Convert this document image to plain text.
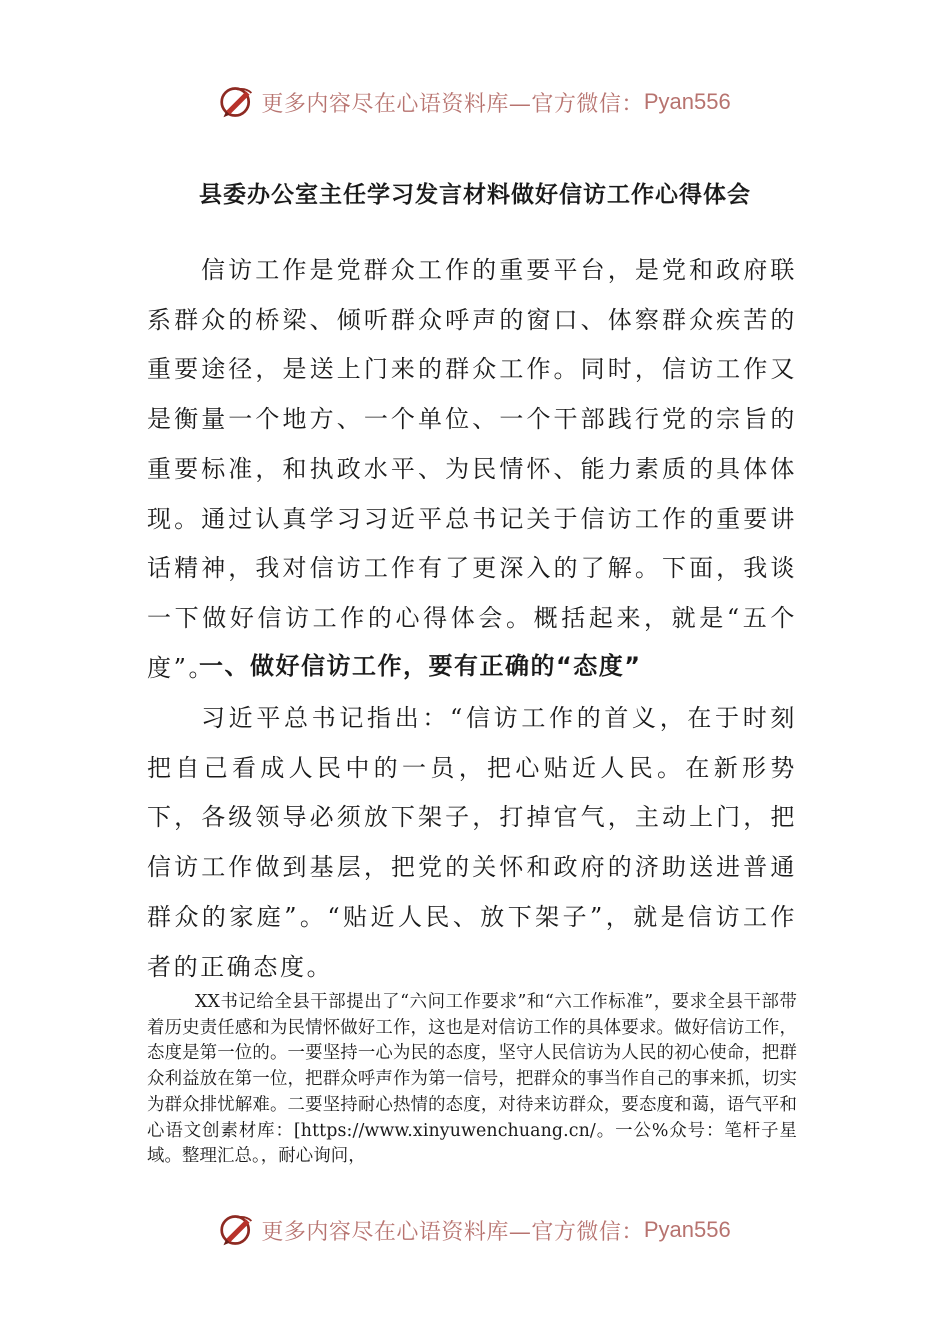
更多内容尽在心语资料库—官方微信： Pyan556
县委办公室主任学习发言材料做好信访工作心得体会

信访工作是党群众工作的重要平台，是党和政府联系群众的桥梁、倾听群众呼声的窗口、体察群众疾苦的重要途径，是送上门来的群众工作。同时，信访工作又是衡量一个地方、一个单位、一个干部践行党的宗旨的重要标准，和执政水平、为民情怀、能力素质的具体体现。通过认真学习习近平总书记关于信访工作的重要讲话精神，我对信访工作有了更深入的了解。下面，我谈一下做好信访工作的心得体会。概括起来，就是“五个度”。

一、做好信访工作，要有正确的“态度”

习近平总书记指出：“信访工作的首义，在于时刻把自己看成人民中的一员，把心贴近人民。在新形势下，各级领导必须放下架子，打掉官气，主动上门，把信访工作做到基层，把党的关怀和政府的济助送进普通群众的家庭”。“贴近人民、放下架子”，就是信访工作者的正确态度。

XX书记给全县干部提出了“六问工作要求”和“六工作标准”，要求全县干部带着历史责任感和为民情怀做好工作，这也是对信访工作的具体要求。做好信访工作，态度是第一位的。一要坚持一心为民的态度，坚守人民信访为人民的初心使命，把群众利益放在第一位，把群众呼声作为第一信号，把群众的事当作自己的事来抓，切实为群众排忧解难。二要坚持耐心热情的态度，对待来访群众，要态度和蔼，语气平和心语文创素材库：[https://www.xinyuwenchuang.cn/。一公%众号：笔杆子星域。整理汇总。，耐心询问，

更多内容尽在心语资料库—官方微信： Pyan556
